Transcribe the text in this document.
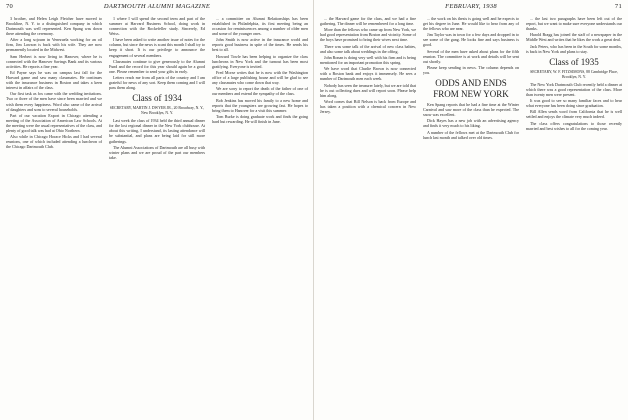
70	DARTMOUTH ALUMNI MAGAZINE

3 brother, and Helen Leigh Fletcher have moved to Brookline, N. Y. to a distinguished company in which Dartmouth was well represented. Ken Spang was down there attending the ceremony.

After a long sojourn in Venezuela working for an oil firm, Jim Lawson is back with his wife. They are now permanently located in the Midwest.

Sam Herbert is now living in Hanover, where he is connected with the Hanover Savings Bank and its various activities. He reports a fine year.

Ed Payne says he was on campus last fall for the Harvard game and saw many classmates. He continues with the insurance business in Boston and takes a keen interest in affairs of the class.

Our first task as fox came with the wedding invitations. Two or three of the men have since been married and we wish them every happiness. Word also came of the arrival of daughters and sons to several households.

Part of our vacation Export in Chicago attending a meeting of the Association of American Law Schools. At the meeting were the usual representatives of the class, and plenty of good talk was had at Ohio Northern.

Also while in Chicago Horace Hicks and I had several reunions, one of which included attending a luncheon of the Chicago Dartmouth Club.

1 where I will spend the second term and part of the summer at Harvard Business School, doing work in connection with the Rockefeller study. Sincerely, Ed Weiss.

I have been asked to write another issue of notes for the column, but since the news is scant this month I shall try to keep it short. It is our privilege to announce the engagement of several members.

Classmates continue to give generously to the Alumni Fund and the record for this year should again be a good one. Please remember to send your gifts in early.

Letters reach me from all parts of the country and I am grateful for news of any sort. Keep them coming and I will pass them along.

Class of 1934

SECRETARY, MARTIN J. DWYER JR., 20 Broadway, N. Y., New Brooklyn, N. Y.

Last week the class of 1934 held the third annual dinner for the lost regional dinner in the New York clubhouse. At about this writing, I understand, its lasting attendance will be substantial, and plans are being laid for still more gatherings.

The Alumni Associations of Dartmouth are all busy with winter plans and we are proud of the part our members take.

... a committee on Alumni Relationships has been established in Philadelphia, its first meeting being an occasion for reminiscences among a number of older men and some of the younger ones.

John Smith is now active in the insurance world and reports good business in spite of the times. He sends his best to all.

Howard Towle has been helping to organize the class luncheons in New York and the turnout has been most gratifying. Everyone is invited.

Fred Morse writes that he is now with the Washington office of a large publishing house and will be glad to see any classmates who come down that way.

We are sorry to report the death of the father of one of our members and extend the sympathy of the class.

Bob Jenkins has moved his family to a new home and reports that the youngsters are growing fast. He hopes to bring them to Hanover for a visit this summer.

Tom Burke is doing graduate work and finds the going hard but rewarding. He will finish in June.

FEBRUARY, 1938	71

... the Harvard game for the class, and we had a fine gathering. The dinner will be remembered for a long time.

More than the fellows who came up from New York, we had good representation from Boston and vicinity. Some of the boys have promised to bring their wives next time.

There was some talk of the arrival of new class babies, and also some talk about weddings in the offing.

John Ronan is doing very well with his firm and is being mentioned for an important promotion this spring.

We have word that Charlie Brown is now connected with a Boston bank and enjoys it immensely. He sees a number of Dartmouth men each week.

Nobody has seen the treasurer lately, but we are told that he is out collecting dues and will report soon. Please help him along.

Word comes that Bill Nelson is back from Europe and has taken a position with a chemical concern in New Jersey.

... the work on his thesis is going well and he expects to get his degree in June. He would like to hear from any of the fellows who are near.

Jim Taylor was in town for a few days and dropped in to see some of the gang. He looks fine and says business is good.

Several of the men have asked about plans for the fifth reunion. The committee is at work and details will be sent out shortly.

Please keep sending in news. The column depends on you.

ODDS AND ENDS FROM NEW YORK

Ken Spang reports that he had a fine time at the Winter Carnival and saw more of the class than he expected. The snow was excellent.

Dick Hayes has a new job with an advertising agency and finds it very much to his liking.

A number of the fellows met at the Dartmouth Club for lunch last month and talked over old times.

... the last two paragraphs have been left out of the report, but we want to make sure everyone understands our thanks.

Harold Bragg has joined the staff of a newspaper in the Middle West and writes that he likes the work a great deal.

Jack Peters, who has been in the South for some months, is back in New York and plans to stay.

Class of 1935

SECRETARY, W. F. FITZSIMONS, 88 Cambridge Place, Brooklyn, N. Y.

The New York Dartmouth Club recently held a dinner at which there was a good representation of the class. More than twenty men were present.

It was good to see so many familiar faces and to hear what everyone has been doing since graduation.

Bill Allen sends word from California that he is well settled and enjoys the climate very much indeed.

The class offers congratulations to those recently married and best wishes to all for the coming year.
